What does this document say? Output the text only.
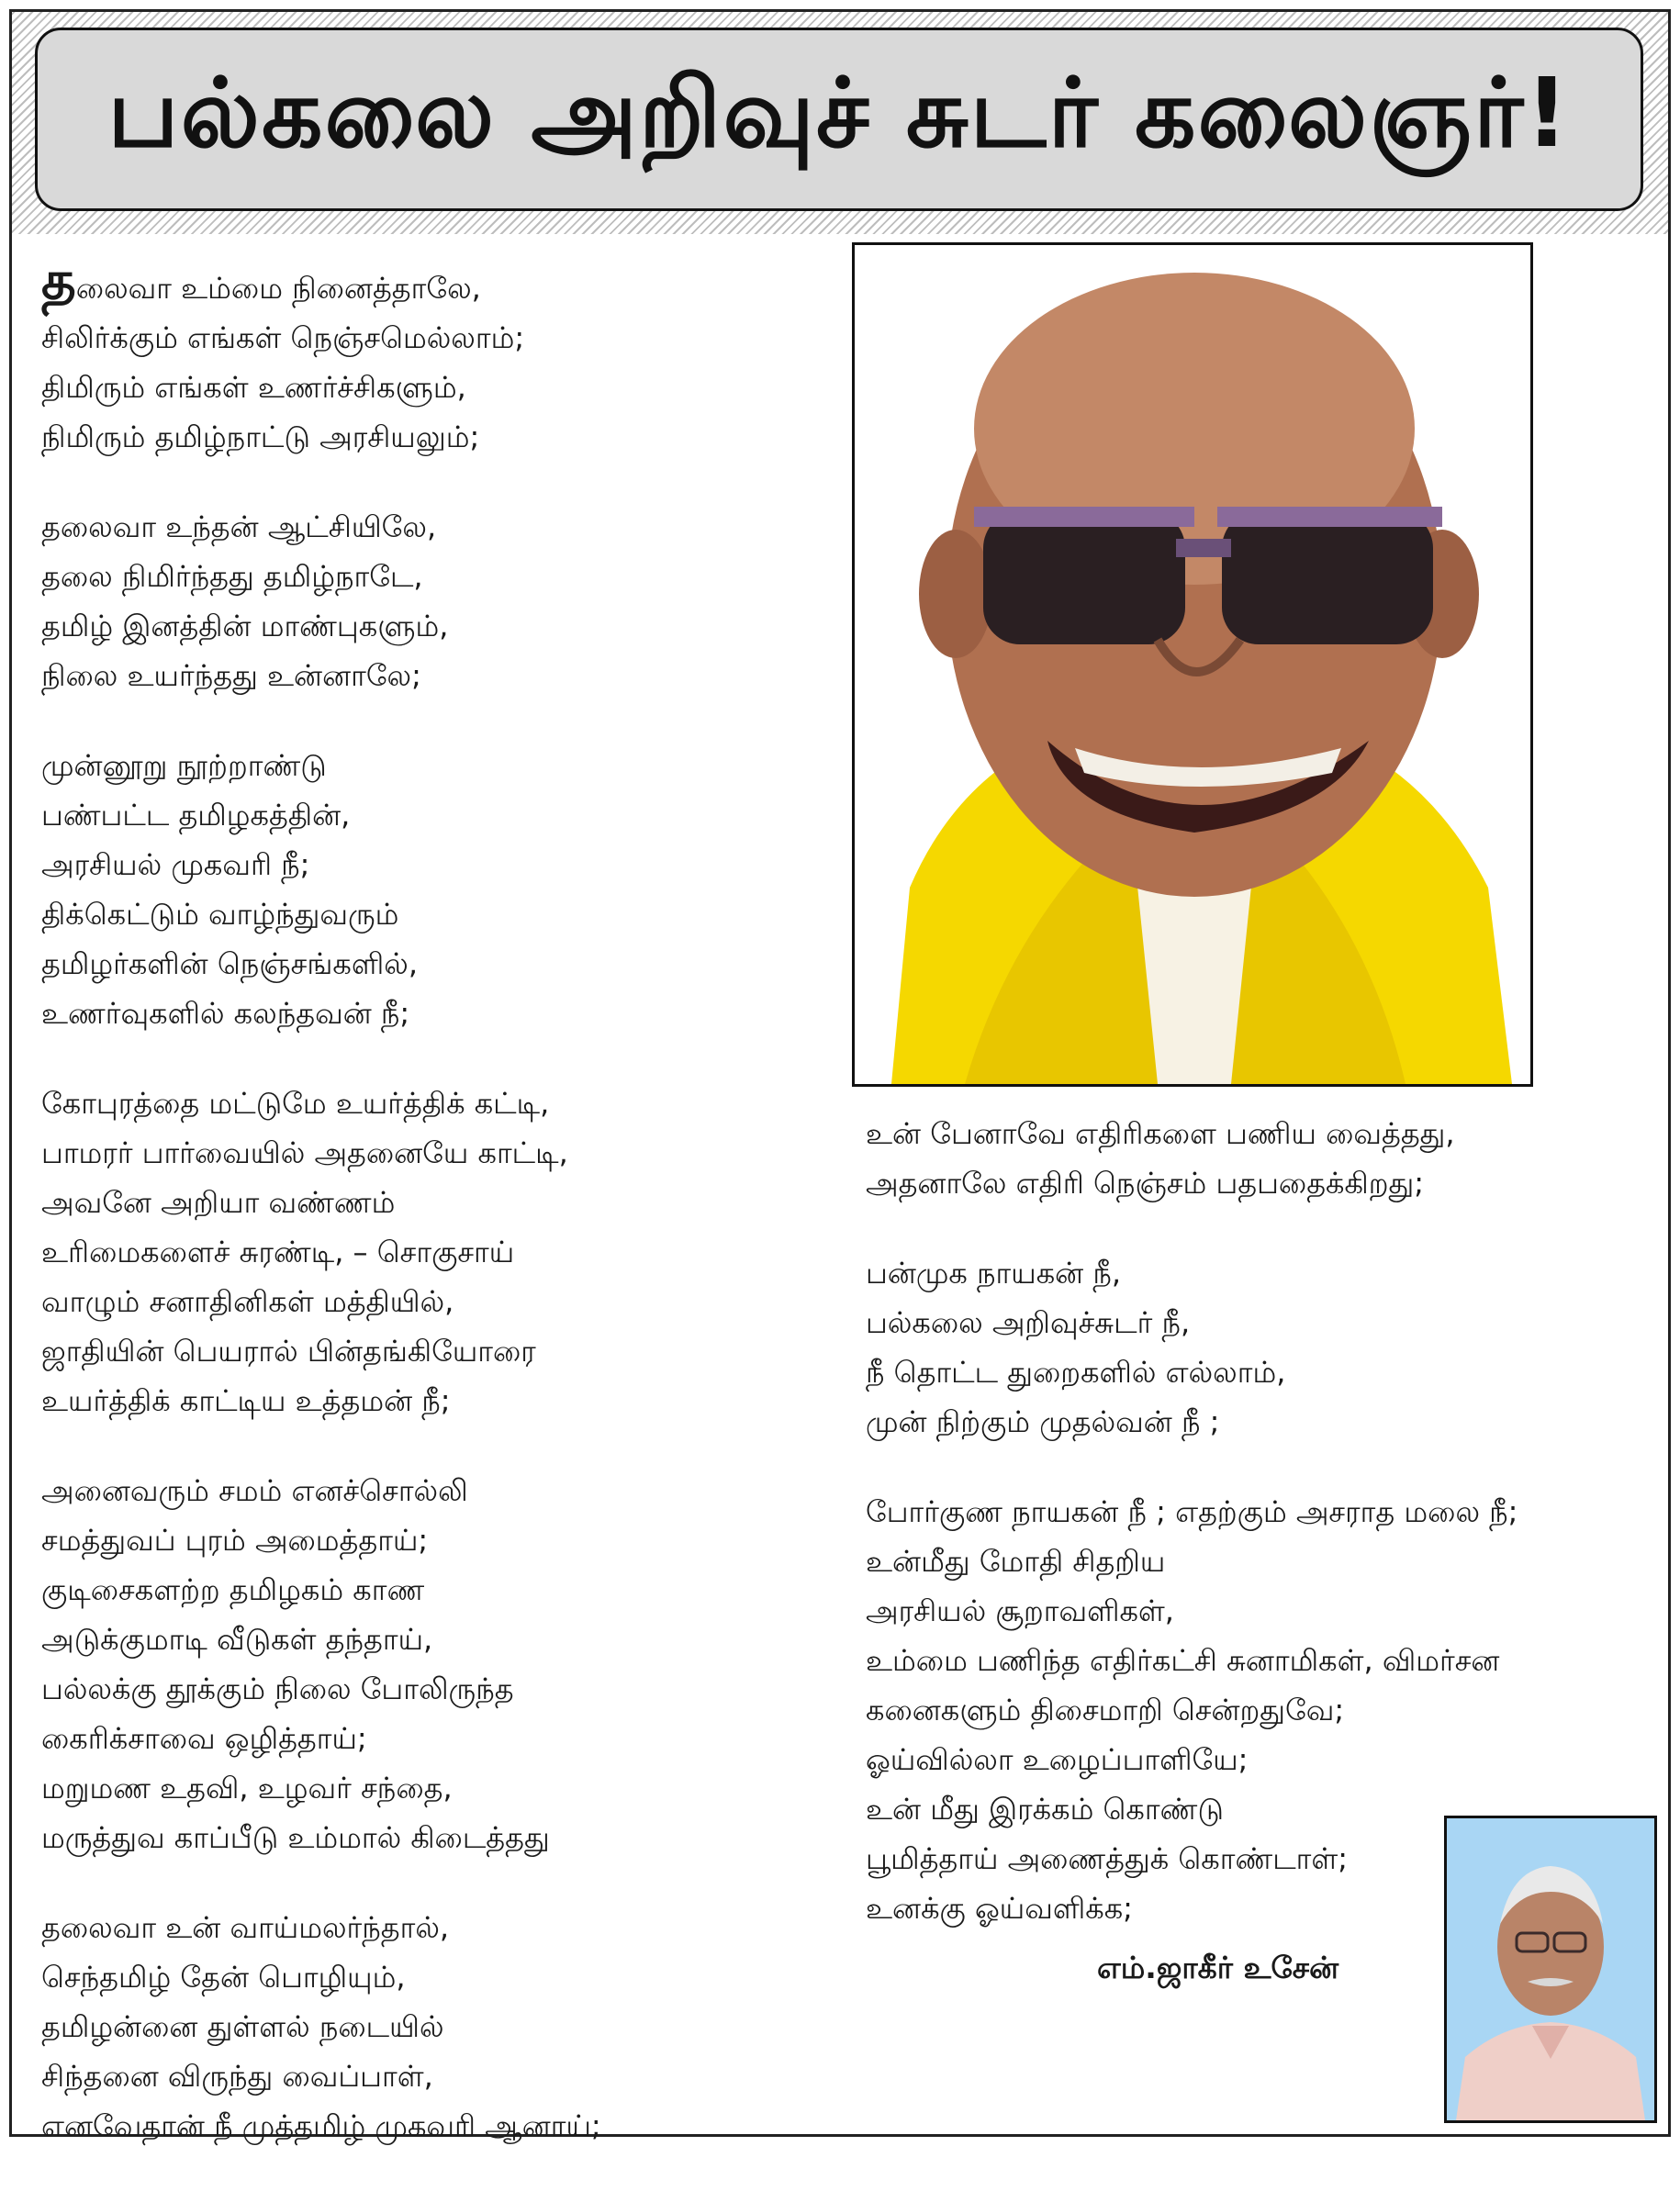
பல்கலை அறிவுச் சுடர் கலைஞர்!
தலைவா உம்மை நினைத்தாலே,
சிலிர்க்கும் எங்கள் நெஞ்சமெல்லாம்;
திமிரும் எங்கள் உணர்ச்சிகளும்,
நிமிரும் தமிழ்நாட்டு அரசியலும்;
தலைவா உந்தன் ஆட்சியிலே,
தலை நிமிர்ந்தது தமிழ்நாடே,
தமிழ் இனத்தின் மாண்புகளும்,
நிலை உயர்ந்தது உன்னாலே;
முன்னூறு நூற்றாண்டு
பண்பட்ட தமிழகத்தின்,
அரசியல் முகவரி நீ;
திக்கெட்டும் வாழ்ந்துவரும்
தமிழர்களின் நெஞ்சங்களில்,
உணர்வுகளில் கலந்தவன் நீ;
கோபுரத்தை மட்டுமே உயர்த்திக் கட்டி,
பாமரர் பார்வையில் அதனையே காட்டி,
அவனே அறியா வண்ணம்
உரிமைகளைச் சுரண்டி, – சொகுசாய்
வாழும் சனாதினிகள் மத்தியில்,
ஜாதியின் பெயரால் பின்தங்கியோரை
உயர்த்திக் காட்டிய உத்தமன் நீ;
அனைவரும் சமம் எனச்சொல்லி
சமத்துவப் புரம் அமைத்தாய்;
குடிசைகளற்ற தமிழகம் காண
அடுக்குமாடி வீடுகள் தந்தாய்,
பல்லக்கு தூக்கும் நிலை போலிருந்த
கைரிக்சாவை ஒழித்தாய்;
மறுமண உதவி, உழவர் சந்தை,
மருத்துவ காப்பீடு உம்மால் கிடைத்தது
தலைவா உன் வாய்மலர்ந்தால்,
செந்தமிழ் தேன் பொழியும்,
தமிழன்னை துள்ளல் நடையில்
சிந்தனை விருந்து வைப்பாள்,
எனவேதான் நீ முத்தமிழ் முகவரி ஆனாய்;
உன் பேனாவே எதிரிகளை பணிய வைத்தது,
அதனாலே எதிரி நெஞ்சம் பதபதைக்கிறது;
பன்முக நாயகன் நீ,
பல்கலை அறிவுச்சுடர் நீ,
நீ தொட்ட துறைகளில் எல்லாம்,
முன் நிற்கும் முதல்வன் நீ ;
போர்குண நாயகன் நீ ; எதற்கும் அசராத மலை நீ;
உன்மீது மோதி சிதறிய
அரசியல் சூறாவளிகள்,
உம்மை பணிந்த எதிர்கட்சி சுனாமிகள், விமர்சன
கனைகளும் திசைமாறி சென்றதுவே;
ஓய்வில்லா உழைப்பாளியே;
உன் மீது இரக்கம் கொண்டு
பூமித்தாய் அணைத்துக் கொண்டாள்;
உனக்கு ஓய்வளிக்க;
எம்.ஜாகீர் உசேன்
